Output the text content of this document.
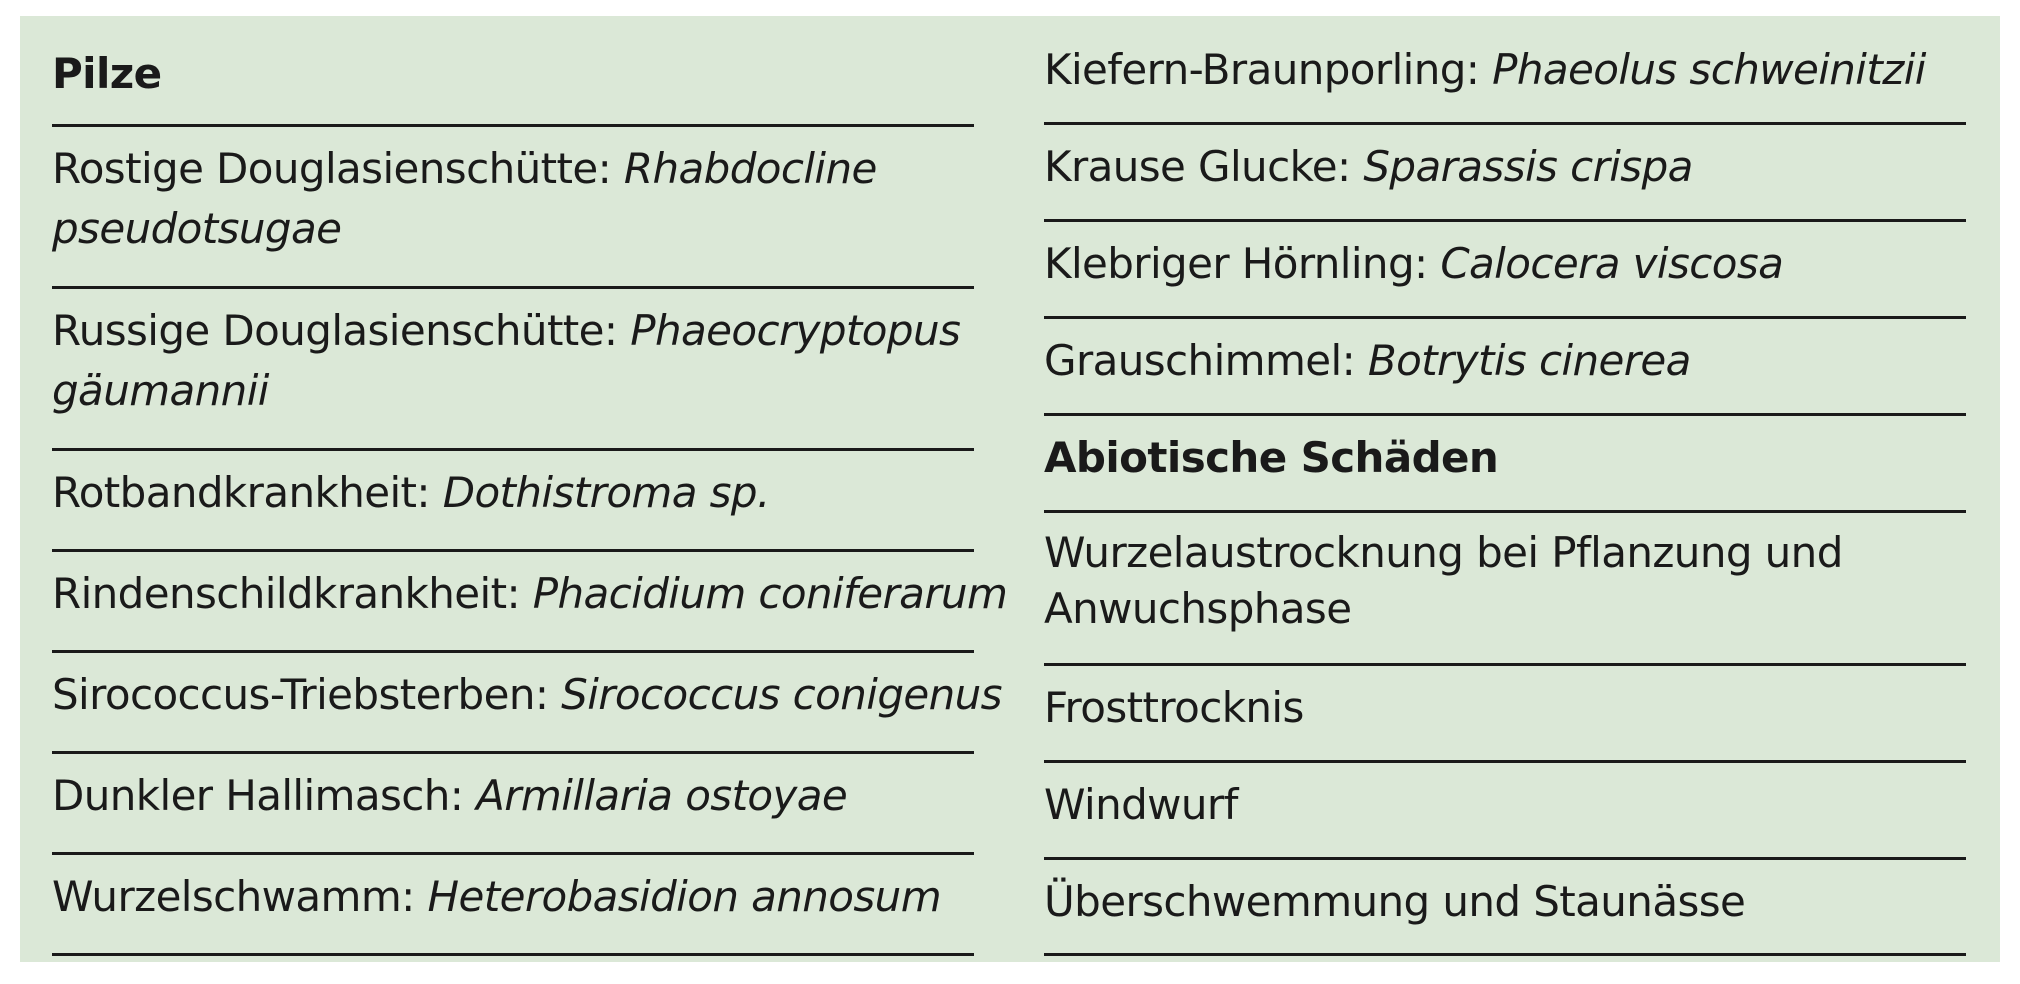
Pilze
Rostige Douglasienschütte: Rhabdocline pseudotsugae
Russige Douglasienschütte: Phaeocryptopus gäumannii
Rotbandkrankheit: Dothistroma sp.
Rindenschildkrankheit: Phacidium coniferarum
Sirococcus-Triebsterben: Sirococcus conigenus
Dunkler Hallimasch: Armillaria ostoyae
Wurzelschwamm: Heterobasidion annosum
Kiefern-Braunporling: Phaeolus schweinitzii
Krause Glucke: Sparassis crispa
Klebriger Hörnling: Calocera viscosa
Grauschimmel: Botrytis cinerea
Abiotische Schäden
Wurzelaustrocknung bei Pflanzung und Anwuchsphase
Frosttrocknis
Windwurf
Überschwemmung und Staunässe
